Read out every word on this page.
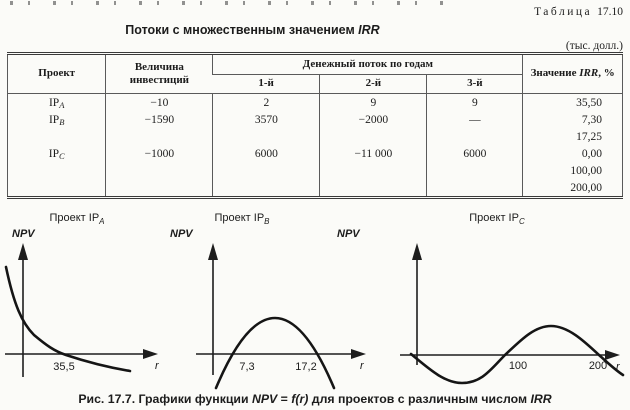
Таблица 17.10
Потоки с множественным значением IRR
(тыс. долл.)
Проект	Величина инвестиций	Денежный поток по годам			Значение IRR, %
		1-й	2-й	3-й	
$IP_A$	−10	2	9	9	35,50
$IP_B$	−1590	3570	−2000	—	7,30
					17,25
$IP_C$	−1000	6000	−11 000	6000	0,00
					100,00
					200,00
Проект $IP_A$
NPV
r
35,5
Проект $IP_B$
NPV
r
7,3	17,2
Проект $IP_C$
NPV
r
100	200
Рис. 17.7. Графики функции NPV = f(r) для проектов с различным числом IRR
